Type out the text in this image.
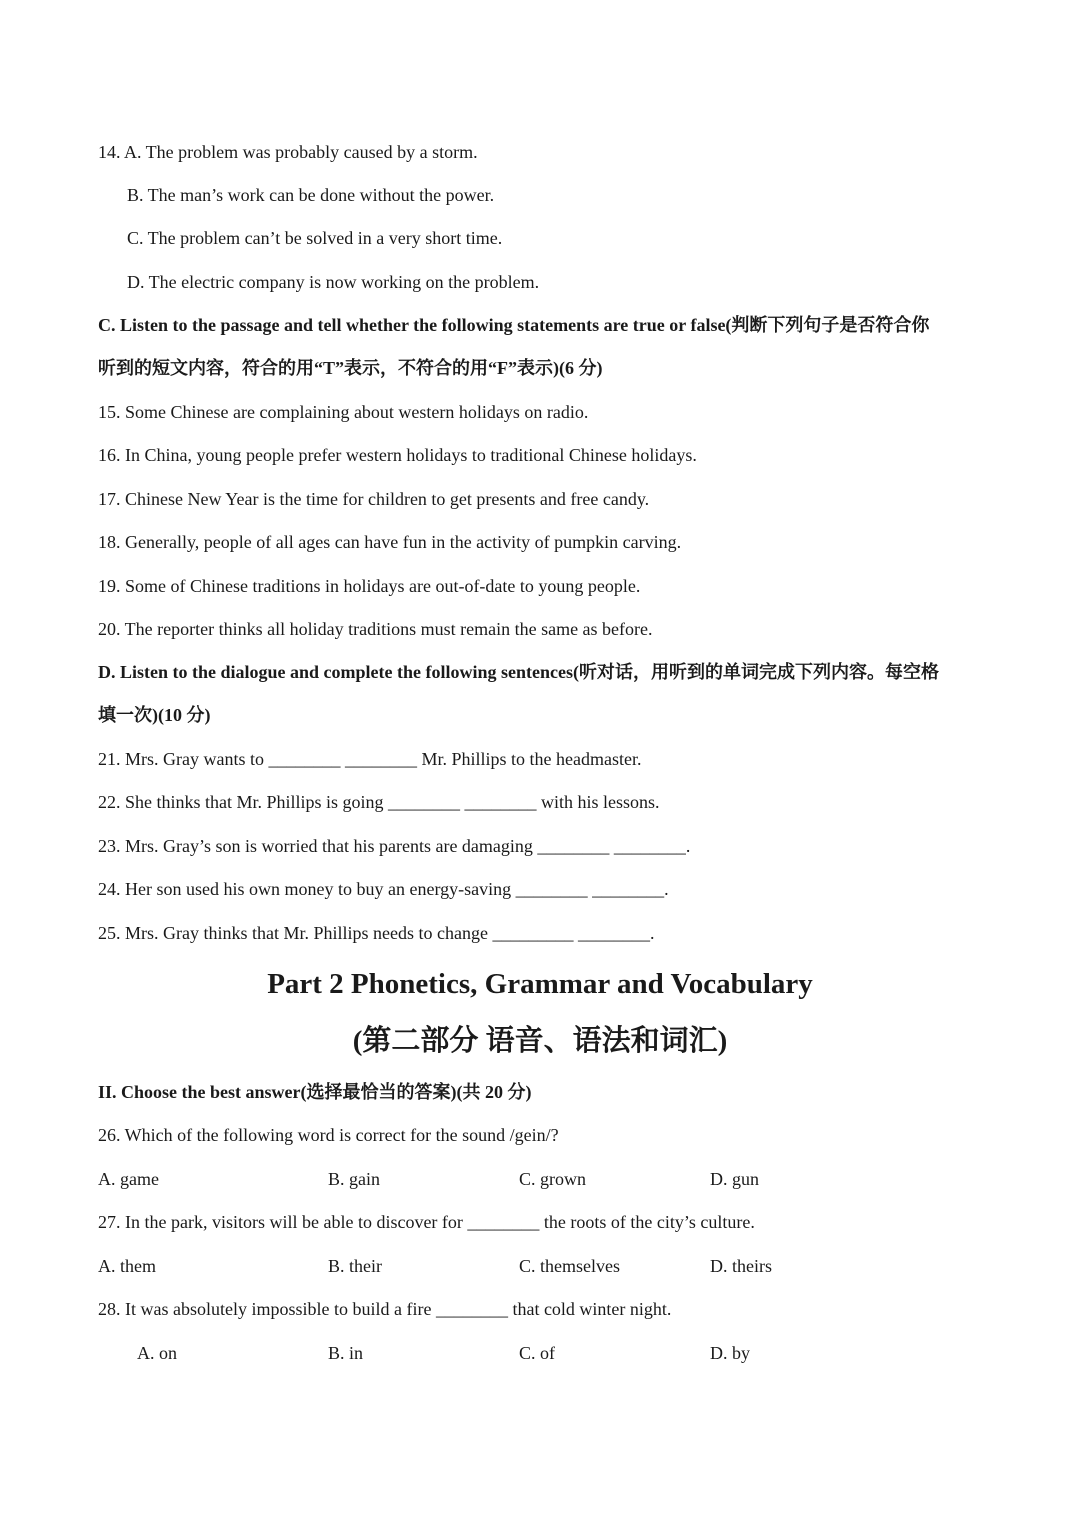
14. A. The problem was probably caused by a storm.
B. The man’s work can be done without the power.
C. The problem can’t be solved in a very short time.
D. The electric company is now working on the problem.
C. Listen to the passage and tell whether the following statements are true or false(判断下列句子是否符合你
听到的短文内容，符合的用“T”表示，不符合的用“F”表示)(6 分)
15. Some Chinese are complaining about western holidays on radio.
16. In China, young people prefer western holidays to traditional Chinese holidays.
17. Chinese New Year is the time for children to get presents and free candy.
18. Generally, people of all ages can have fun in the activity of pumpkin carving.
19. Some of Chinese traditions in holidays are out-of-date to young people.
20. The reporter thinks all holiday traditions must remain the same as before.
D. Listen to the dialogue and complete the following sentences(听对话，用听到的单词完成下列内容。每空格
填一次)(10 分)
21. Mrs. Gray wants to ________ ________ Mr. Phillips to the headmaster.
22. She thinks that Mr. Phillips is going ________ ________ with his lessons.
23. Mrs. Gray’s son is worried that his parents are damaging ________ ________.
24. Her son used his own money to buy an energy-saving ________ ________.
25. Mrs. Gray thinks that Mr. Phillips needs to change _________ ________.
Part 2 Phonetics, Grammar and Vocabulary
(第二部分 语音、语法和词汇)
II. Choose the best answer(选择最恰当的答案)(共 20 分)
26. Which of the following word is correct for the sound /gein/?
A. game	B. gain	C. grown	D. gun
27. In the park, visitors will be able to discover for ________ the roots of the city’s culture.
A. them	B. their	C. themselves	D. theirs
28. It was absolutely impossible to build a fire ________ that cold winter night.
A. on	B. in	C. of	D. by
